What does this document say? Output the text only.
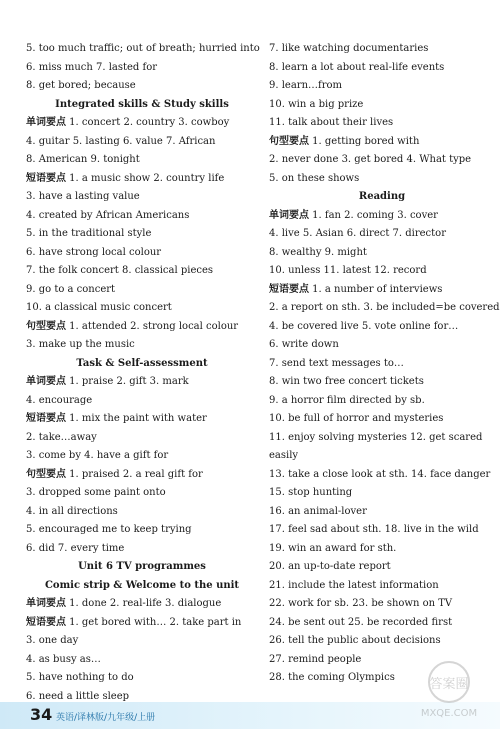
5. too much traffic; out of breath; hurried into
6. miss much 7. lasted for
8. get bored; because
Integrated skills & Study skills
单词要点 1. concert 2. country 3. cowboy
4. guitar 5. lasting 6. value 7. African
8. American 9. tonight
短语要点 1. a music show 2. country life
3. have a lasting value
4. created by African Americans
5. in the traditional style
6. have strong local colour
7. the folk concert 8. classical pieces
9. go to a concert
10. a classical music concert
句型要点 1. attended 2. strong local colour
3. make up the music
Task & Self-assessment
单词要点 1. praise 2. gift 3. mark
4. encourage
短语要点 1. mix the paint with water
2. take…away
3. come by 4. have a gift for
句型要点 1. praised 2. a real gift for
3. dropped some paint onto
4. in all directions
5. encouraged me to keep trying
6. did 7. every time
Unit 6 TV programmes
Comic strip & Welcome to the unit
单词要点 1. done 2. real-life 3. dialogue
短语要点 1. get bored with… 2. take part in
3. one day
4. as busy as…
5. have nothing to do
6. need a little sleep
7. like watching documentaries
8. learn a lot about real-life events
9. learn…from
10. win a big prize
11. talk about their lives
句型要点 1. getting bored with
2. never done 3. get bored 4. What type
5. on these shows
Reading
单词要点 1. fan 2. coming 3. cover
4. live 5. Asian 6. direct 7. director
8. wealthy 9. might
10. unless 11. latest 12. record
短语要点 1. a number of interviews
2. a report on sth. 3. be included=be covered
4. be covered live 5. vote online for…
6. write down
7. send text messages to…
8. win two free concert tickets
9. a horror film directed by sb.
10. be full of horror and mysteries
11. enjoy solving mysteries 12. get scared
easily
13. take a close look at sth. 14. face danger
15. stop hunting
16. an animal-lover
17. feel sad about sth. 18. live in the wild
19. win an award for sth.
20. an up-to-date report
21. include the latest information
22. work for sb. 23. be shown on TV
24. be sent out 25. be recorded first
26. tell the public about decisions
27. remind people
28. the coming Olympics
34 英语/译林版/九年级/上册
答案圈
MXQE.COM
